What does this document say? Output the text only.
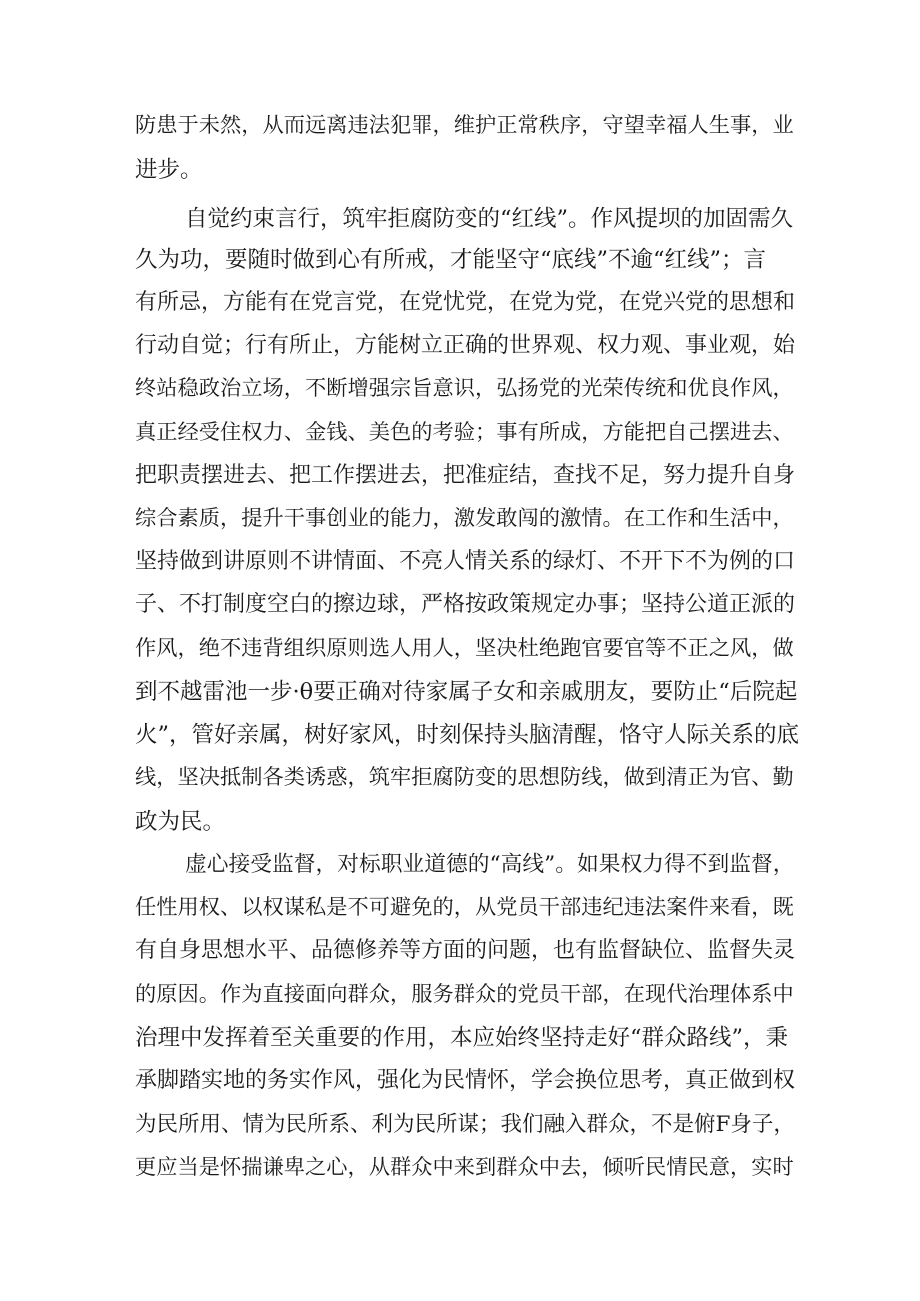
防患于未然，从而远离违法犯罪，维护正常秩序，守望幸福人生事，业
进步。
自觉约束言行，筑牢拒腐防变的“红线”。作风提坝的加固需久
久为功，要随时做到心有所戒，才能坚守“底线”不逾“红线”；言
有所忌，方能有在党言党，在党忧党，在党为党，在党兴党的思想和
行动自觉；行有所止，方能树立正确的世界观、权力观、事业观，始
终站稳政治立场，不断增强宗旨意识，弘扬党的光荣传统和优良作风，
真正经受住权力、金钱、美色的考验；事有所成，方能把自己摆进去、
把职责摆进去、把工作摆进去，把准症结，查找不足，努力提升自身
综合素质，提升干事创业的能力，激发敢闯的激情。在工作和生活中，
坚持做到讲原则不讲情面、不亮人情关系的绿灯、不开下不为例的口
子、不打制度空白的擦边球，严格按政策规定办事；坚持公道正派的
作风，绝不违背组织原则选人用人，坚决杜绝跑官要官等不正之风，做
到不越雷池一步·θ要正确对待家属子女和亲戚朋友，要防止“后院起
火”，管好亲属，树好家风，时刻保持头脑清醒，恪守人际关系的底
线，坚决抵制各类诱惑，筑牢拒腐防变的思想防线，做到清正为官、勤
政为民。
虚心接受监督，对标职业道德的“高线”。如果权力得不到监督，
任性用权、以权谋私是不可避免的，从党员干部违纪违法案件来看，既
有自身思想水平、品德修养等方面的问题，也有监督缺位、监督失灵
的原因。作为直接面向群众，服务群众的党员干部，在现代治理体系中
治理中发挥着至关重要的作用，本应始终坚持走好“群众路线”，秉
承脚踏实地的务实作风，强化为民情怀，学会换位思考，真正做到权
为民所用、情为民所系、利为民所谋；我们融入群众，不是俯F身子，
更应当是怀揣谦卑之心，从群众中来到群众中去，倾听民情民意，实时
